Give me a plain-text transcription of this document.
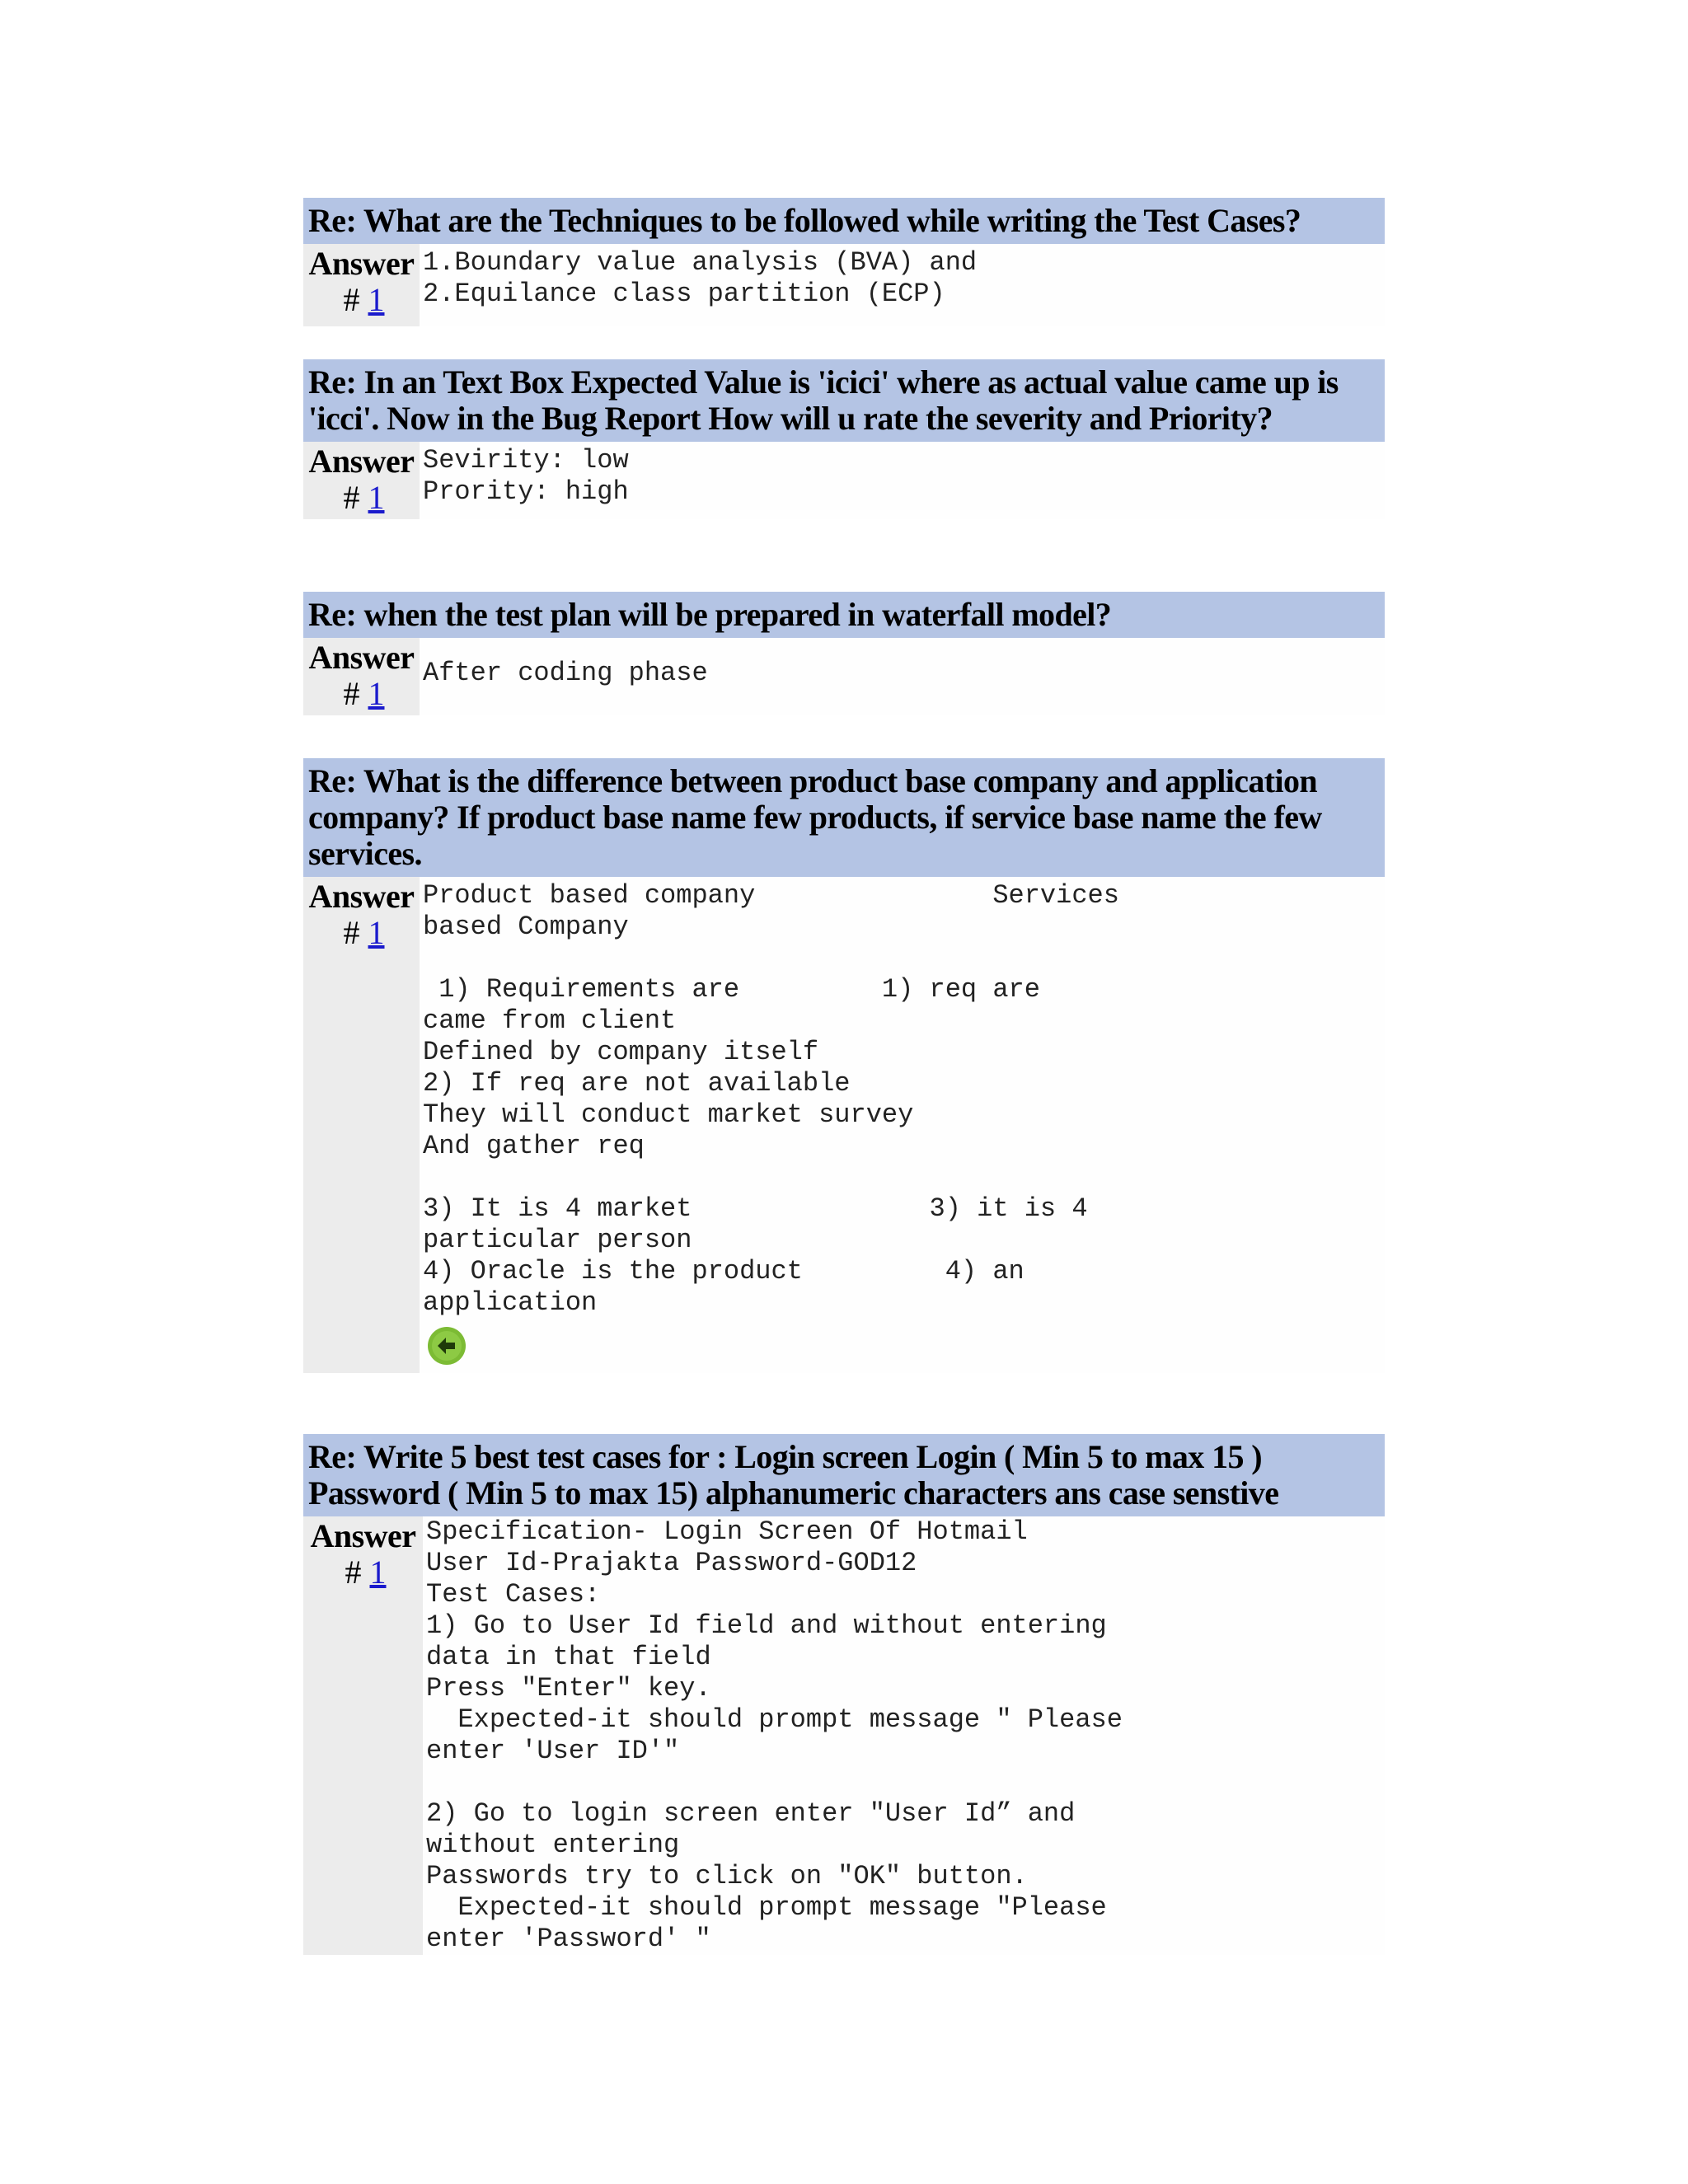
Re: What are the Techniques to be followed while writing the Test Cases?
Answer
# 1
1.Boundary value analysis (BVA) and
2.Equilance class partition (ECP)
Re: In an Text Box Expected Value is 'icici' where as actual value came up is 'icci'. Now in the Bug Report How will u rate the severity and Priority?
Answer
# 1
Sevirity: low
Prority: high
Re: when the test plan will be prepared in waterfall model?
Answer
# 1
After coding phase
Re: What is the difference between product base company and application company? If product base name few products, if service base name the few services.
Answer
# 1
Product based company               Services
based Company

1) Requirements are         1) req are
came from client
Defined by company itself
2) If req are not available
They will conduct market survey
And gather req

3) It is 4 market               3) it is 4
particular person
4) Oracle is the product         4) an
application
Re: Write 5 best test cases for : Login screen Login ( Min 5 to max 15 ) Password ( Min 5 to max 15) alphanumeric characters ans case senstive
Answer
# 1
Specification- Login Screen Of Hotmail
User Id-Prajakta Password-GOD12
Test Cases:
1) Go to User Id field and without entering
data in that field
Press "Enter" key.
Expected-it should prompt message " Please
enter 'User ID'"

2) Go to login screen enter "User Id” and
without entering
Passwords try to click on "OK" button.
Expected-it should prompt message "Please
enter 'Password' "
